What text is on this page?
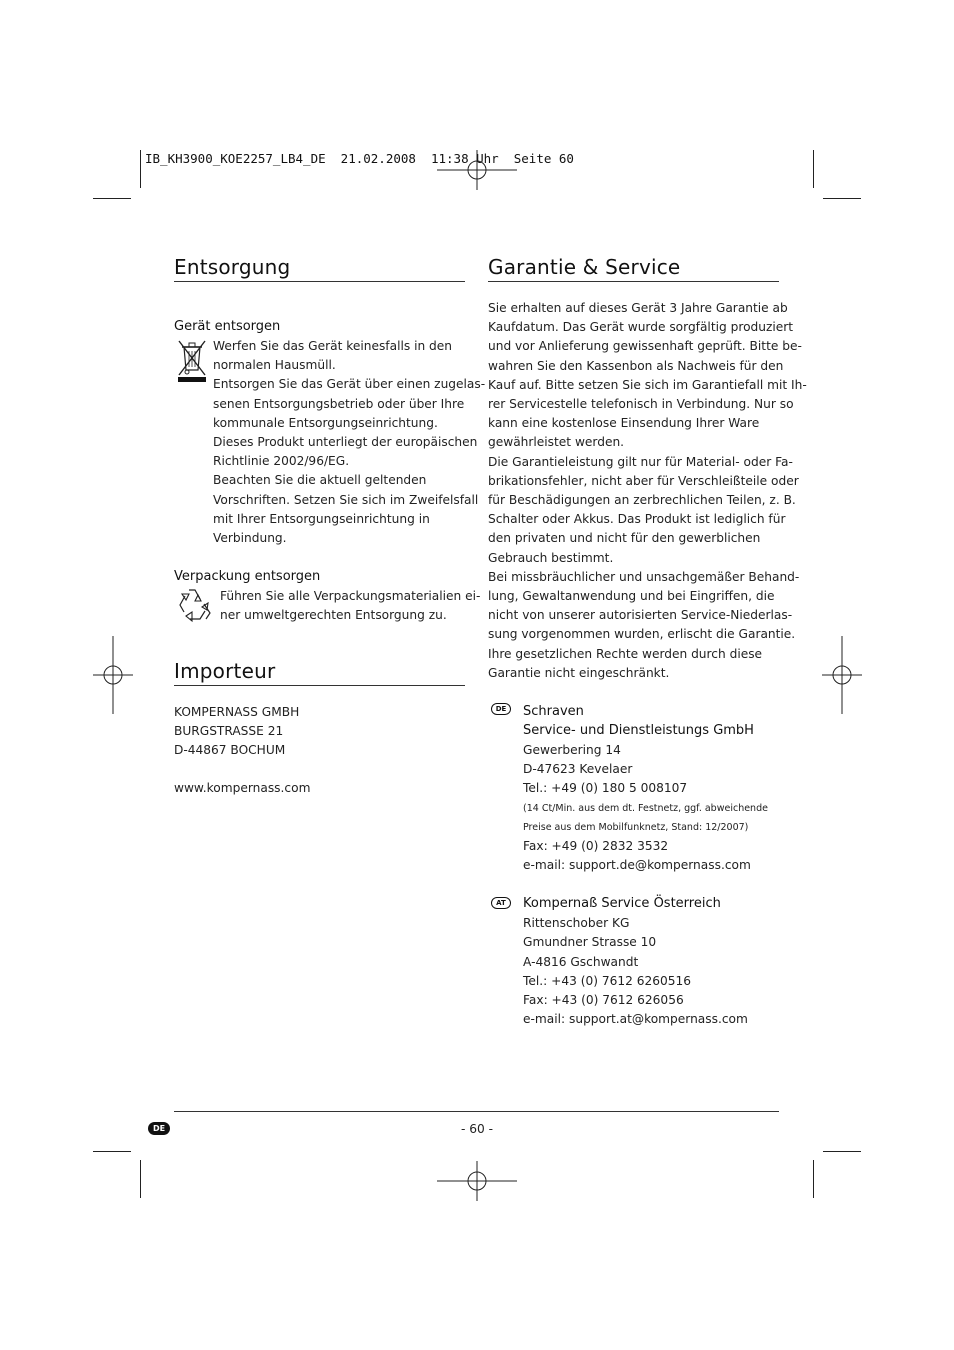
IB_KH3900_KOE2257_LB4_DE  21.02.2008  11:38 Uhr  Seite 60
Entsorgung
Gerät entsorgen
Werfen Sie das Gerät keinesfalls in den
normalen Hausmüll.
Entsorgen Sie das Gerät über einen zugelas-
senen Entsorgungsbetrieb oder über Ihre
kommunale Entsorgungseinrichtung.
Dieses Produkt unterliegt der europäischen
Richtlinie 2002/96/EG.
Beachten Sie die aktuell geltenden
Vorschriften. Setzen Sie sich im Zweifelsfall
mit Ihrer Entsorgungseinrichtung in
Verbindung.
Verpackung entsorgen
Führen Sie alle Verpackungsmaterialien ei-
ner umweltgerechten Entsorgung zu.
Importeur
KOMPERNASS GMBH
BURGSTRASSE 21
D-44867 BOCHUM
www.kompernass.com
Garantie & Service
Sie erhalten auf dieses Gerät 3 Jahre Garantie ab
Kaufdatum. Das Gerät wurde sorgfältig produziert
und vor Anlieferung gewissenhaft geprüft. Bitte be-
wahren Sie den Kassenbon als Nachweis für den
Kauf auf. Bitte setzen Sie sich im Garantiefall mit Ih-
rer Servicestelle telefonisch in Verbindung. Nur so
kann eine kostenlose Einsendung Ihrer Ware
gewährleistet werden.
Die Garantieleistung gilt nur für Material- oder Fa-
brikationsfehler, nicht aber für Verschleißteile oder
für Beschädigungen an zerbrechlichen Teilen, z. B.
Schalter oder Akkus. Das Produkt ist lediglich für
den privaten und nicht für den gewerblichen
Gebrauch bestimmt.
Bei missbräuchlicher und unsachgemäßer Behand-
lung, Gewaltanwendung und bei Eingriffen, die
nicht von unserer autorisierten Service-Niederlas-
sung vorgenommen wurden, erlischt die Garantie.
Ihre gesetzlichen Rechte werden durch diese
Garantie nicht eingeschränkt.
DE	Schraven
Service- und Dienstleistungs GmbH
Gewerbering 14
D-47623 Kevelaer
Tel.: +49 (0) 180 5 008107
(14 Ct/Min. aus dem dt. Festnetz, ggf. abweichende
Preise aus dem Mobilfunknetz, Stand: 12/2007)
Fax: +49 (0) 2832 3532
e-mail: support.de@kompernass.com
AT	Kompernaß Service Österreich
Rittenschober KG
Gmundner Strasse 10
A-4816 Gschwandt
Tel.: +43 (0) 7612 6260516
Fax: +43 (0) 7612 626056
e-mail: support.at@kompernass.com
DE	- 60 -
